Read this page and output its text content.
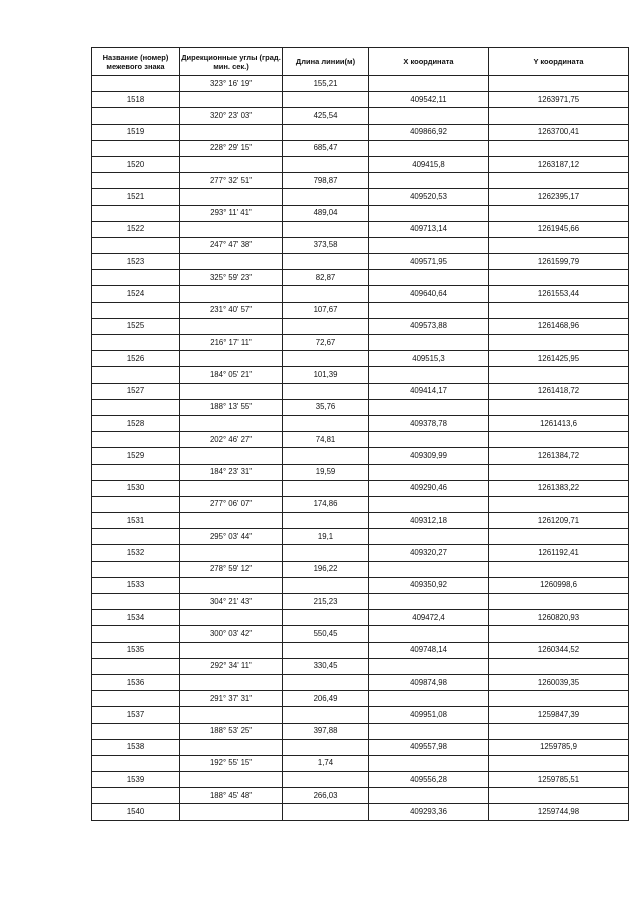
Название (номер) межевого знака	Дирекционные углы (град. мин. сек.)	Длина линии(м)	X координата	Y координата
	323° 16' 19"	155,21		
1518			409542,11	1263971,75
	320° 23' 03"	425,54		
1519			409866,92	1263700,41
	228° 29' 15"	685,47		
1520			409415,8	1263187,12
	277° 32' 51"	798,87		
1521			409520,53	1262395,17
	293° 11' 41"	489,04		
1522			409713,14	1261945,66
	247° 47' 38"	373,58		
1523			409571,95	1261599,79
	325° 59' 23"	82,87		
1524			409640,64	1261553,44
	231° 40' 57"	107,67		
1525			409573,88	1261468,96
	216° 17' 11"	72,67		
1526			409515,3	1261425,95
	184° 05' 21"	101,39		
1527			409414,17	1261418,72
	188° 13' 55"	35,76		
1528			409378,78	1261413,6
	202° 46' 27"	74,81		
1529			409309,99	1261384,72
	184° 23' 31"	19,59		
1530			409290,46	1261383,22
	277° 06' 07"	174,86		
1531			409312,18	1261209,71
	295° 03' 44"	19,1		
1532			409320,27	1261192,41
	278° 59' 12"	196,22		
1533			409350,92	1260998,6
	304° 21' 43"	215,23		
1534			409472,4	1260820,93
	300° 03' 42"	550,45		
1535			409748,14	1260344,52
	292° 34' 11"	330,45		
1536			409874,98	1260039,35
	291° 37' 31"	206,49		
1537			409951,08	1259847,39
	188° 53' 25"	397,88		
1538			409557,98	1259785,9
	192° 55' 15"	1,74		
1539			409556,28	1259785,51
	188° 45' 48"	266,03		
1540			409293,36	1259744,98
